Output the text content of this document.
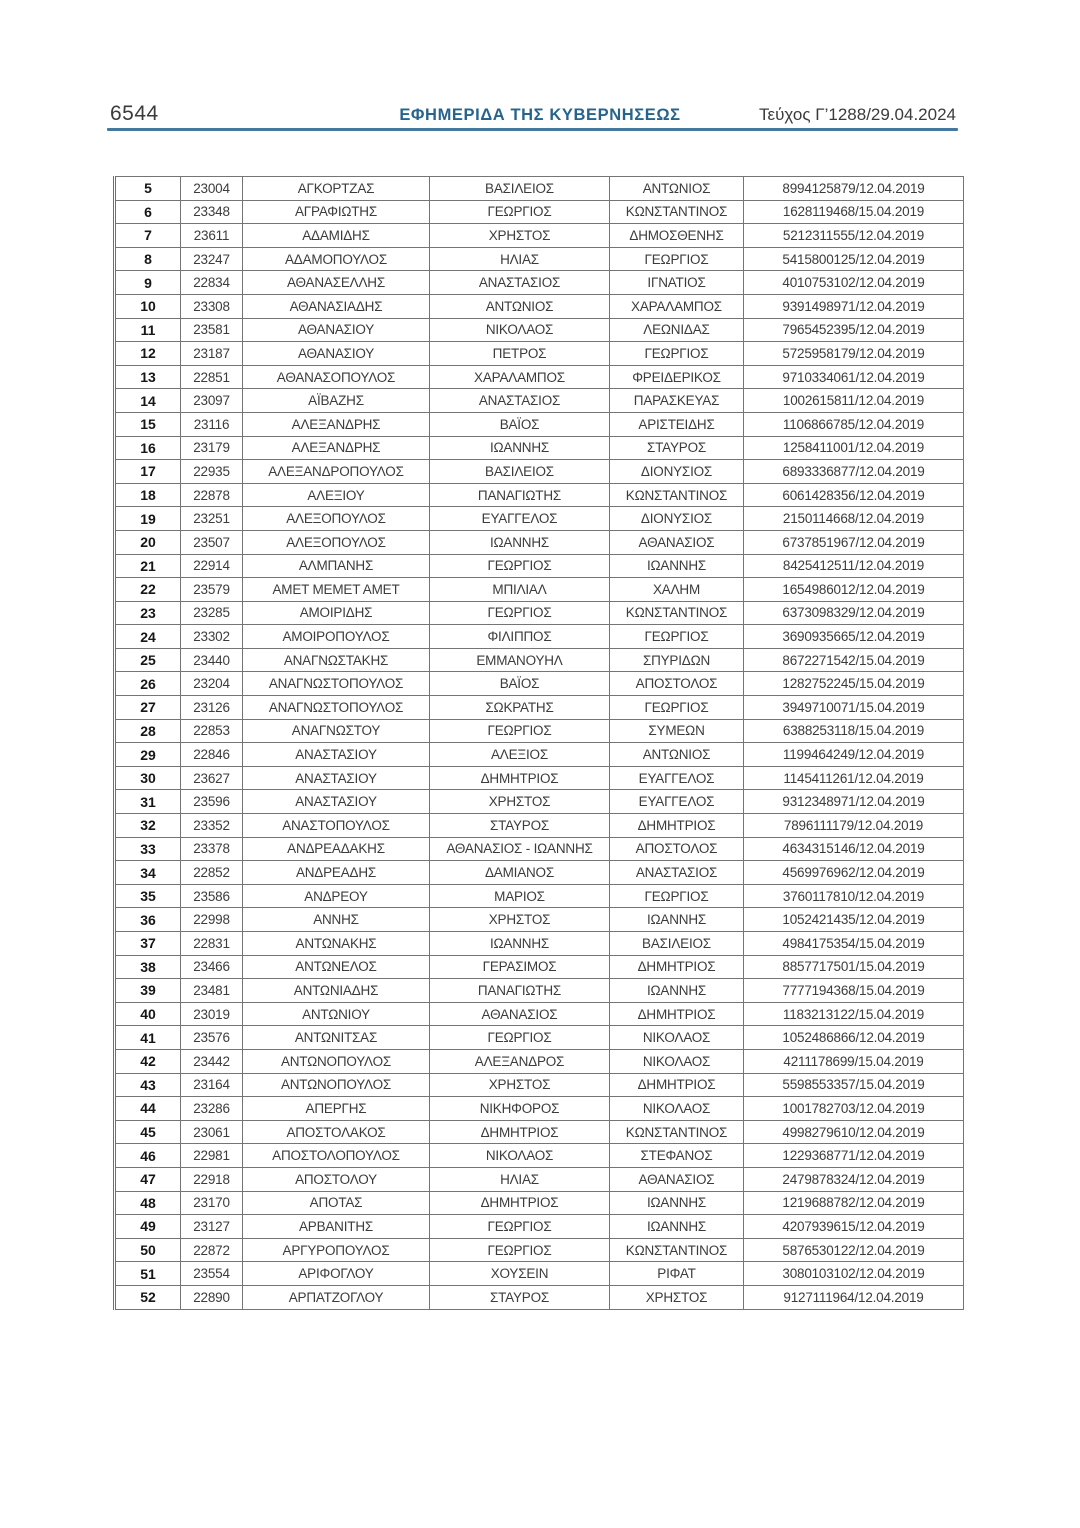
6544	ΕΦΗΜΕΡΙΔΑ ΤΗΣ ΚΥΒΕΡΝΗΣΕΩΣ	Τεύχος Γ’1288/29.04.2024
5	23004	ΑΓΚΟΡΤΖΑΣ	ΒΑΣΙΛΕΙΟΣ	ΑΝΤΩΝΙΟΣ	8994125879/12.04.2019
6	23348	ΑΓΡΑΦΙΩΤΗΣ	ΓΕΩΡΓΙΟΣ	ΚΩΝΣΤΑΝΤΙΝΟΣ	1628119468/15.04.2019
7	23611	ΑΔΑΜΙΔΗΣ	ΧΡΗΣΤΟΣ	ΔΗΜΟΣΘΕΝΗΣ	5212311555/12.04.2019
8	23247	ΑΔΑΜΟΠΟΥΛΟΣ	ΗΛΙΑΣ	ΓΕΩΡΓΙΟΣ	5415800125/12.04.2019
9	22834	ΑΘΑΝΑΣΕΛΛΗΣ	ΑΝΑΣΤΑΣΙΟΣ	ΙΓΝΑΤΙΟΣ	4010753102/12.04.2019
10	23308	ΑΘΑΝΑΣΙΑΔΗΣ	ΑΝΤΩΝΙΟΣ	ΧΑΡΑΛΑΜΠΟΣ	9391498971/12.04.2019
11	23581	ΑΘΑΝΑΣΙΟΥ	ΝΙΚΟΛΑΟΣ	ΛΕΩΝΙΔΑΣ	7965452395/12.04.2019
12	23187	ΑΘΑΝΑΣΙΟΥ	ΠΕΤΡΟΣ	ΓΕΩΡΓΙΟΣ	5725958179/12.04.2019
13	22851	ΑΘΑΝΑΣΟΠΟΥΛΟΣ	ΧΑΡΑΛΑΜΠΟΣ	ΦΡΕΙΔΕΡΙΚΟΣ	9710334061/12.04.2019
14	23097	ΑΪΒΑΖΗΣ	ΑΝΑΣΤΑΣΙΟΣ	ΠΑΡΑΣΚΕΥΑΣ	1002615811/12.04.2019
15	23116	ΑΛΕΞΑΝΔΡΗΣ	ΒΑΪΟΣ	ΑΡΙΣΤΕΙΔΗΣ	1106866785/12.04.2019
16	23179	ΑΛΕΞΑΝΔΡΗΣ	ΙΩΑΝΝΗΣ	ΣΤΑΥΡΟΣ	1258411001/12.04.2019
17	22935	ΑΛΕΞΑΝΔΡΟΠΟΥΛΟΣ	ΒΑΣΙΛΕΙΟΣ	ΔΙΟΝΥΣΙΟΣ	6893336877/12.04.2019
18	22878	ΑΛΕΞΙΟΥ	ΠΑΝΑΓΙΩΤΗΣ	ΚΩΝΣΤΑΝΤΙΝΟΣ	6061428356/12.04.2019
19	23251	ΑΛΕΞΟΠΟΥΛΟΣ	ΕΥΑΓΓΕΛΟΣ	ΔΙΟΝΥΣΙΟΣ	2150114668/12.04.2019
20	23507	ΑΛΕΞΟΠΟΥΛΟΣ	ΙΩΑΝΝΗΣ	ΑΘΑΝΑΣΙΟΣ	6737851967/12.04.2019
21	22914	ΑΛΜΠΑΝΗΣ	ΓΕΩΡΓΙΟΣ	ΙΩΑΝΝΗΣ	8425412511/12.04.2019
22	23579	ΑΜΕΤ ΜΕΜΕΤ ΑΜΕΤ	ΜΠΙΛΙΑΛ	ΧΑΛΗΜ	1654986012/12.04.2019
23	23285	ΑΜΟΙΡΙΔΗΣ	ΓΕΩΡΓΙΟΣ	ΚΩΝΣΤΑΝΤΙΝΟΣ	6373098329/12.04.2019
24	23302	ΑΜΟΙΡΟΠΟΥΛΟΣ	ΦΙΛΙΠΠΟΣ	ΓΕΩΡΓΙΟΣ	3690935665/12.04.2019
25	23440	ΑΝΑΓΝΩΣΤΑΚΗΣ	ΕΜΜΑΝΟΥΗΛ	ΣΠΥΡΙΔΩΝ	8672271542/15.04.2019
26	23204	ΑΝΑΓΝΩΣΤΟΠΟΥΛΟΣ	ΒΑΪΟΣ	ΑΠΟΣΤΟΛΟΣ	1282752245/15.04.2019
27	23126	ΑΝΑΓΝΩΣΤΟΠΟΥΛΟΣ	ΣΩΚΡΑΤΗΣ	ΓΕΩΡΓΙΟΣ	3949710071/15.04.2019
28	22853	ΑΝΑΓΝΩΣΤΟΥ	ΓΕΩΡΓΙΟΣ	ΣΥΜΕΩΝ	6388253118/15.04.2019
29	22846	ΑΝΑΣΤΑΣΙΟΥ	ΑΛΕΞΙΟΣ	ΑΝΤΩΝΙΟΣ	1199464249/12.04.2019
30	23627	ΑΝΑΣΤΑΣΙΟΥ	ΔΗΜΗΤΡΙΟΣ	ΕΥΑΓΓΕΛΟΣ	1145411261/12.04.2019
31	23596	ΑΝΑΣΤΑΣΙΟΥ	ΧΡΗΣΤΟΣ	ΕΥΑΓΓΕΛΟΣ	9312348971/12.04.2019
32	23352	ΑΝΑΣΤΟΠΟΥΛΟΣ	ΣΤΑΥΡΟΣ	ΔΗΜΗΤΡΙΟΣ	7896111179/12.04.2019
33	23378	ΑΝΔΡΕΑΔΑΚΗΣ	ΑΘΑΝΑΣΙΟΣ - ΙΩΑΝΝΗΣ	ΑΠΟΣΤΟΛΟΣ	4634315146/12.04.2019
34	22852	ΑΝΔΡΕΑΔΗΣ	ΔΑΜΙΑΝΟΣ	ΑΝΑΣΤΑΣΙΟΣ	4569976962/12.04.2019
35	23586	ΑΝΔΡΕΟΥ	ΜΑΡΙΟΣ	ΓΕΩΡΓΙΟΣ	3760117810/12.04.2019
36	22998	ΑΝΝΗΣ	ΧΡΗΣΤΟΣ	ΙΩΑΝΝΗΣ	1052421435/12.04.2019
37	22831	ΑΝΤΩΝΑΚΗΣ	ΙΩΑΝΝΗΣ	ΒΑΣΙΛΕΙΟΣ	4984175354/15.04.2019
38	23466	ΑΝΤΩΝΕΛΟΣ	ΓΕΡΑΣΙΜΟΣ	ΔΗΜΗΤΡΙΟΣ	8857717501/15.04.2019
39	23481	ΑΝΤΩΝΙΑΔΗΣ	ΠΑΝΑΓΙΩΤΗΣ	ΙΩΑΝΝΗΣ	7777194368/15.04.2019
40	23019	ΑΝΤΩΝΙΟΥ	ΑΘΑΝΑΣΙΟΣ	ΔΗΜΗΤΡΙΟΣ	1183213122/15.04.2019
41	23576	ΑΝΤΩΝΙΤΣΑΣ	ΓΕΩΡΓΙΟΣ	ΝΙΚΟΛΑΟΣ	1052486866/12.04.2019
42	23442	ΑΝΤΩΝΟΠΟΥΛΟΣ	ΑΛΕΞΑΝΔΡΟΣ	ΝΙΚΟΛΑΟΣ	4211178699/15.04.2019
43	23164	ΑΝΤΩΝΟΠΟΥΛΟΣ	ΧΡΗΣΤΟΣ	ΔΗΜΗΤΡΙΟΣ	5598553357/15.04.2019
44	23286	ΑΠΕΡΓΗΣ	ΝΙΚΗΦΟΡΟΣ	ΝΙΚΟΛΑΟΣ	1001782703/12.04.2019
45	23061	ΑΠΟΣΤΟΛΑΚΟΣ	ΔΗΜΗΤΡΙΟΣ	ΚΩΝΣΤΑΝΤΙΝΟΣ	4998279610/12.04.2019
46	22981	ΑΠΟΣΤΟΛΟΠΟΥΛΟΣ	ΝΙΚΟΛΑΟΣ	ΣΤΕΦΑΝΟΣ	1229368771/12.04.2019
47	22918	ΑΠΟΣΤΟΛΟΥ	ΗΛΙΑΣ	ΑΘΑΝΑΣΙΟΣ	2479878324/12.04.2019
48	23170	ΑΠΟΤΑΣ	ΔΗΜΗΤΡΙΟΣ	ΙΩΑΝΝΗΣ	1219688782/12.04.2019
49	23127	ΑΡΒΑΝΙΤΗΣ	ΓΕΩΡΓΙΟΣ	ΙΩΑΝΝΗΣ	4207939615/12.04.2019
50	22872	ΑΡΓΥΡΟΠΟΥΛΟΣ	ΓΕΩΡΓΙΟΣ	ΚΩΝΣΤΑΝΤΙΝΟΣ	5876530122/12.04.2019
51	23554	ΑΡΙΦΟΓΛΟΥ	ΧΟΥΣΕΙΝ	ΡΙΦΑΤ	3080103102/12.04.2019
52	22890	ΑΡΠΑΤΖΟΓΛΟΥ	ΣΤΑΥΡΟΣ	ΧΡΗΣΤΟΣ	9127111964/12.04.2019
